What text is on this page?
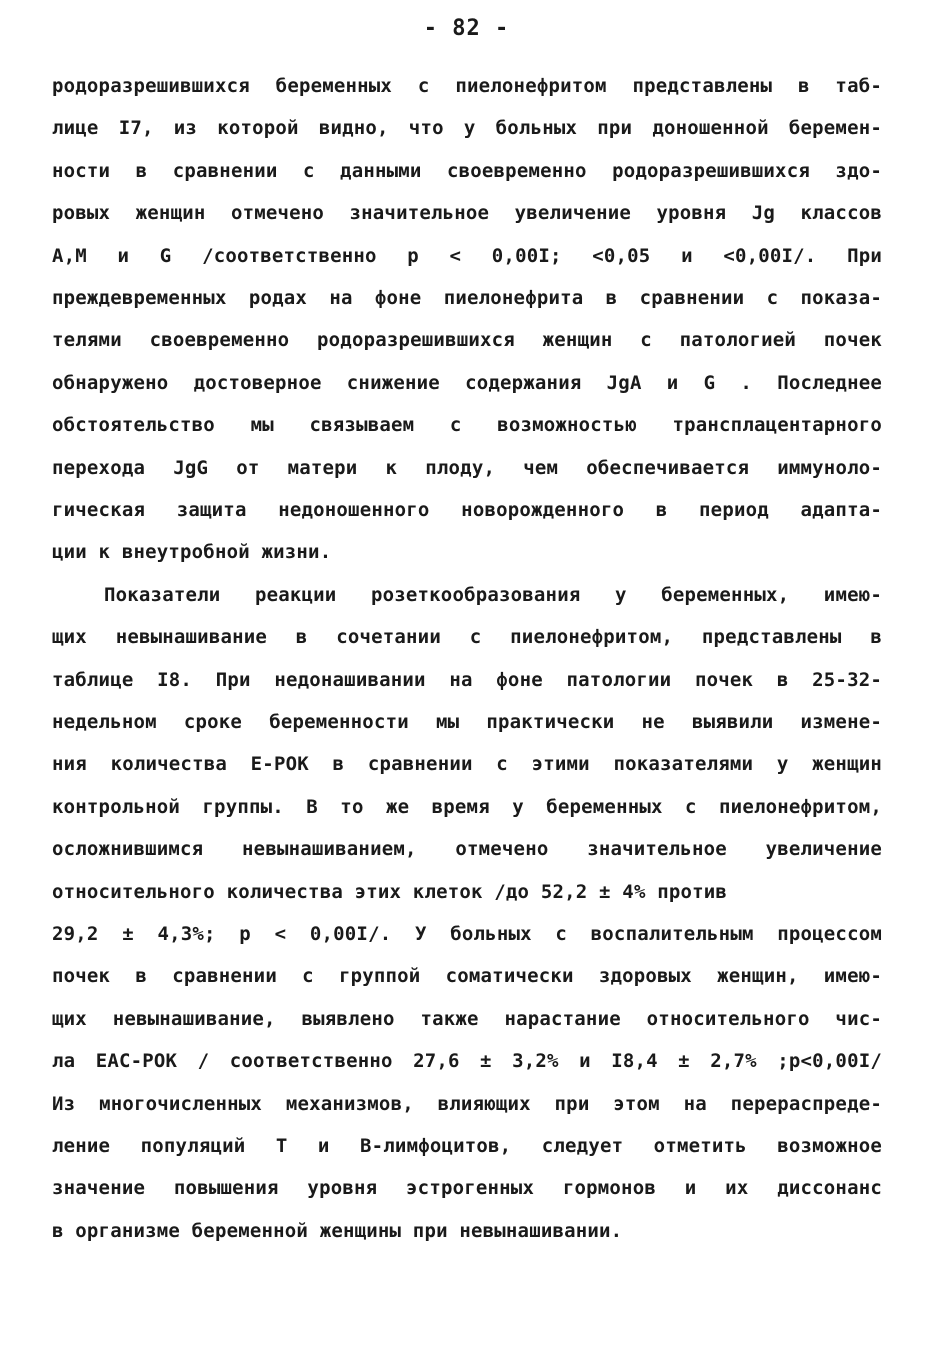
- 82 -
родоразрешившихся беременных с пиелонефритом представлены в таб-
лице I7, из которой видно, что у больных при доношенной беремен-
ности в сравнении с данными своевременно родоразрешившихся здо-
ровых женщин отмечено значительное увеличение уровня Jg классов
A,M и G /соответственно p < 0,00I; <0,05 и <0,00I/. При
преждевременных родах на фоне пиелонефрита в сравнении с показа-
телями своевременно родоразрешившихся женщин с патологией почек
обнаружено достоверное снижение содержания JgA и G . Последнее
обстоятельство мы связываем с возможностью трансплацентарного
перехода JgG от матери к плоду, чем обеспечивается иммуноло-
гическая защита недоношенного новорожденного в период адапта-
ции к внеутробной жизни.
Показатели реакции розеткообразования у беременных, имею-
щих невынашивание в сочетании с пиелонефритом, представлены в
таблице I8. При недонашивании на фоне патологии почек в 25-32-
недельном сроке беременности мы практически не выявили измене-
ния количества E-POK в сравнении с этими показателями у женщин
контрольной группы. В то же время у беременных с пиелонефритом,
осложнившимся невынашиванием, отмечено значительное увеличение
относительного количества этих клеток /до 52,2 ± 4% против
29,2 ± 4,3%; p < 0,00I/. У больных с воспалительным процессом
почек в сравнении с группой соматически здоровых женщин, имею-
щих невынашивание, выявлено также нарастание относительного чис-
ла EAC-POK / соответственно 27,6 ± 3,2% и I8,4 ± 2,7% ;p<0,00I/
Из многочисленных механизмов, влияющих при этом на перераспреде-
ление популяций T и B-лимфоцитов, следует отметить возможное
значение повышения уровня эстрогенных гормонов и их диссонанс
в организме беременной женщины при невынашивании.
